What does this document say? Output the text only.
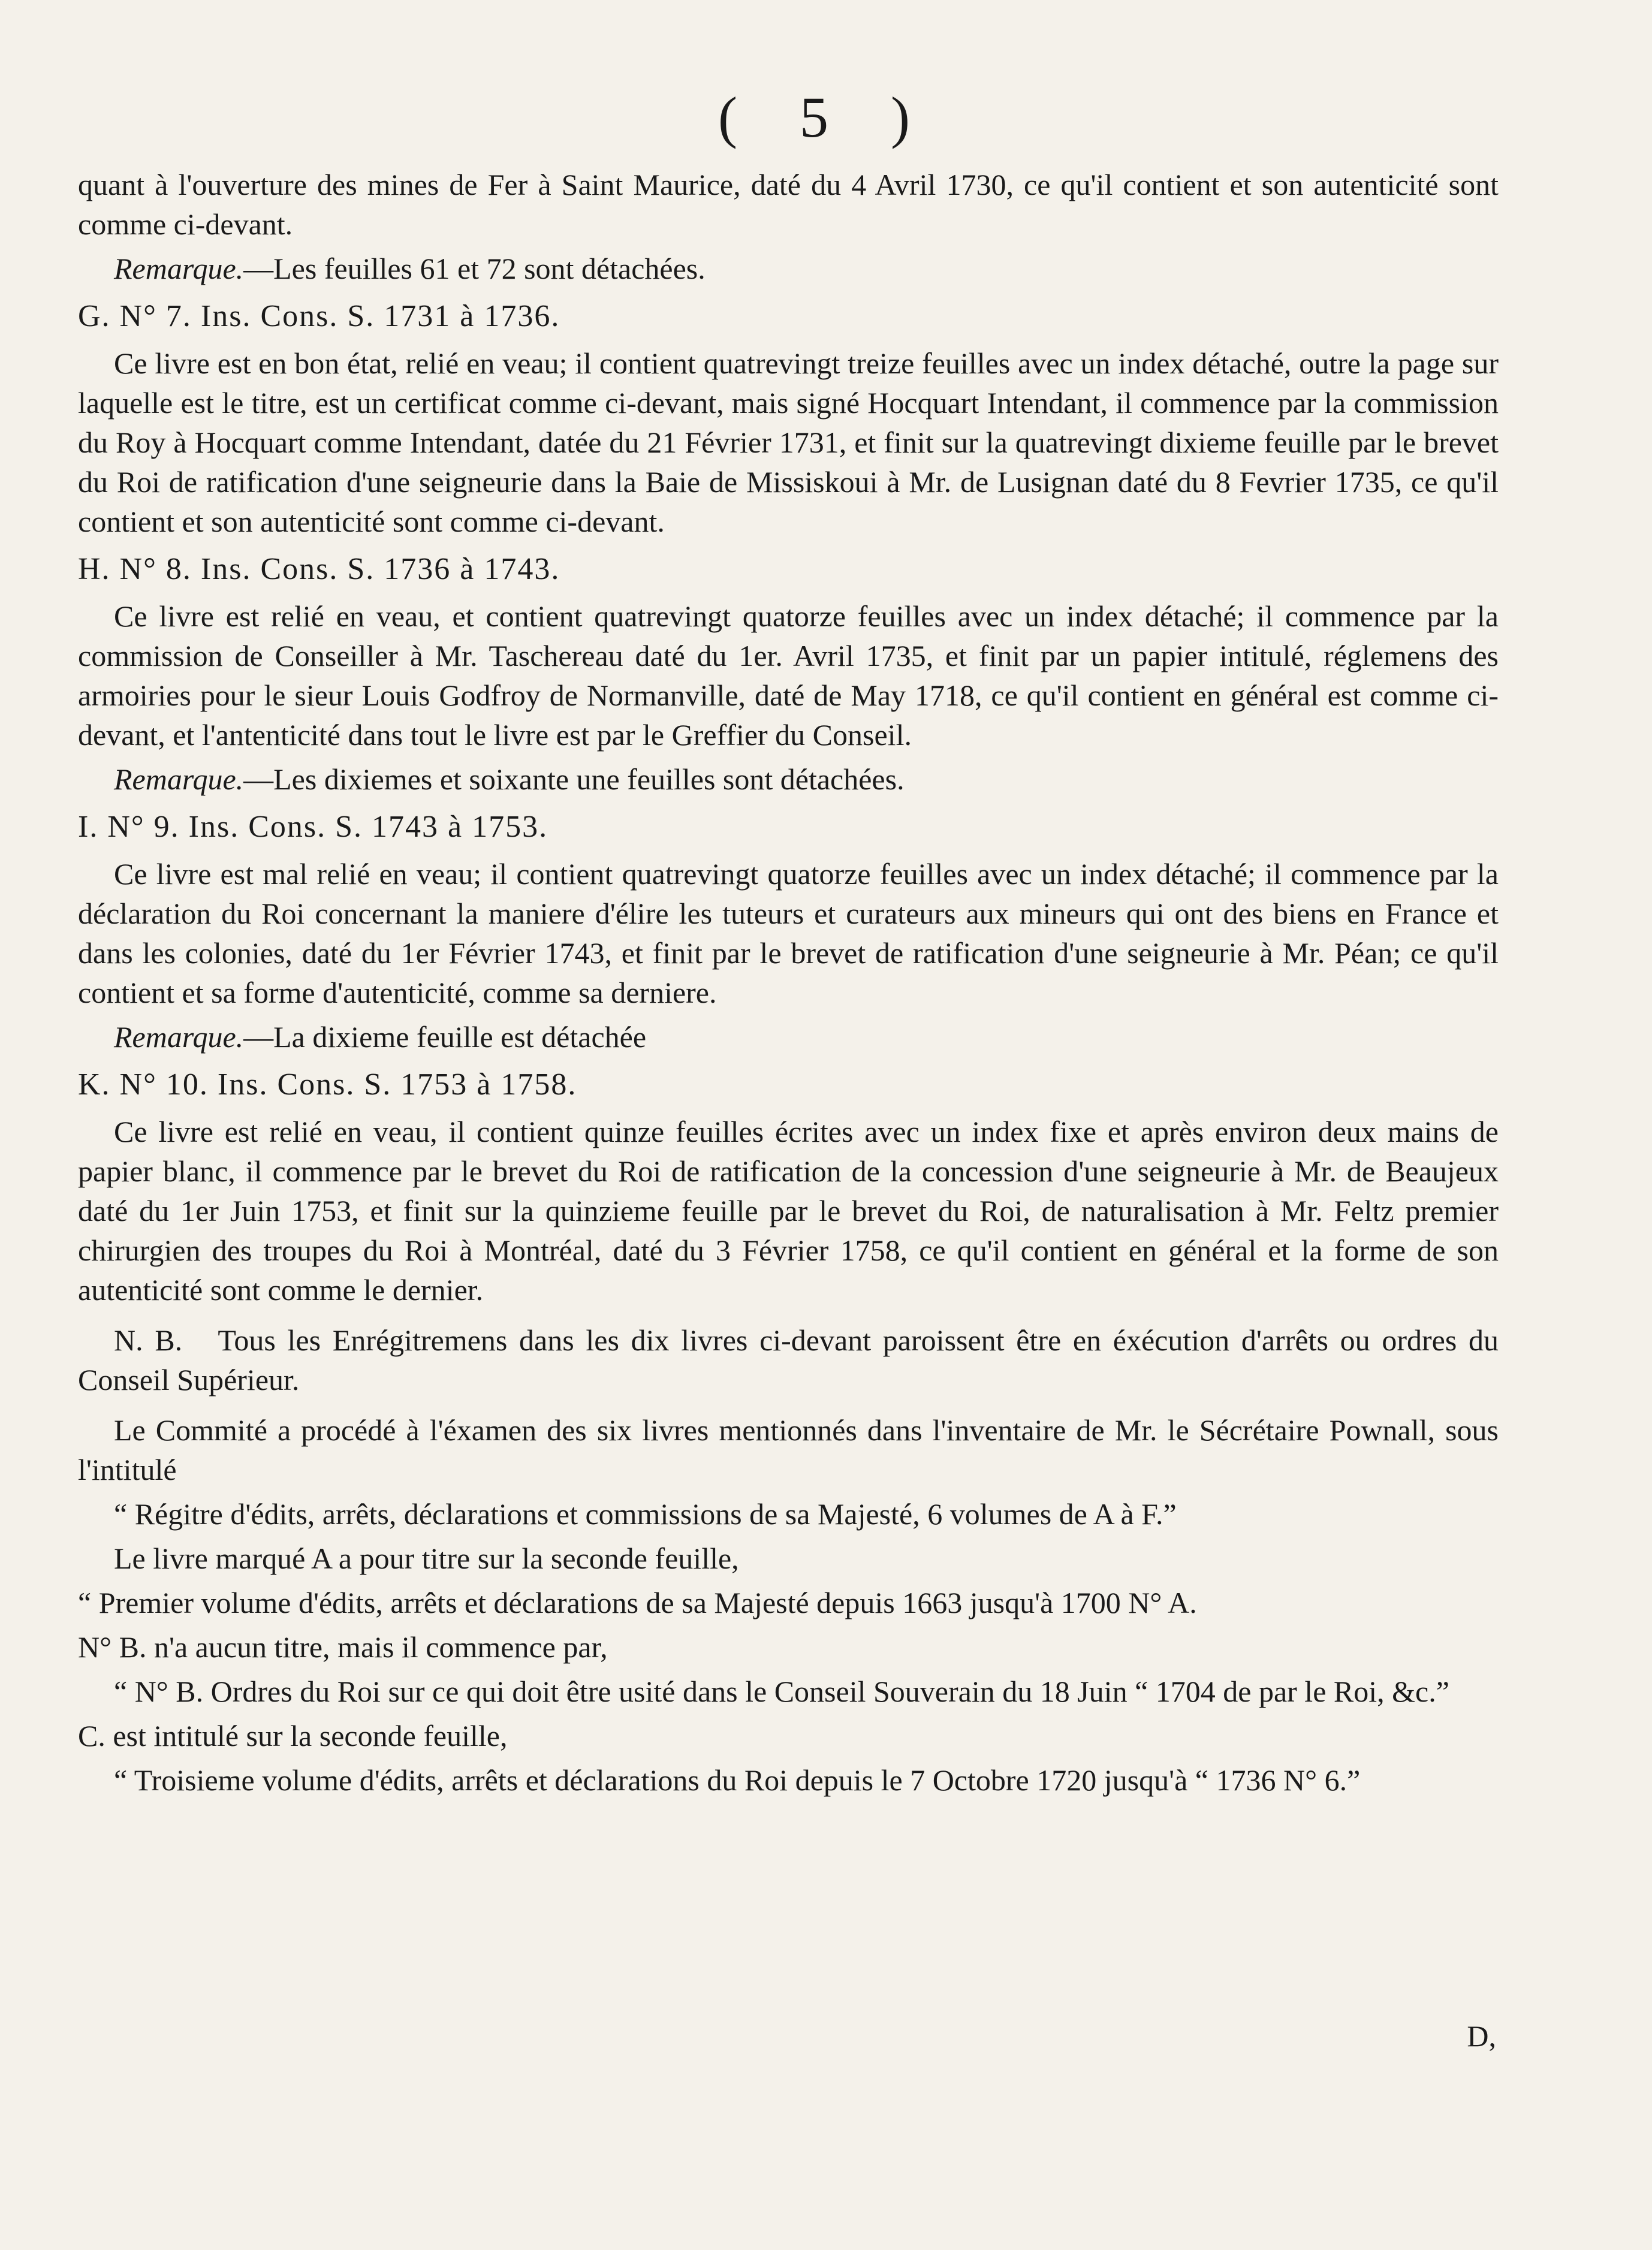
( 5 )

quant à l'ouverture des mines de Fer à Saint Maurice, daté du 4 Avril 1730, ce qu'il contient et son autenticité sont comme ci-devant.

Remarque.—Les feuilles 61 et 72 sont détachées.

G. N° 7. Ins. Cons. S. 1731 à 1736.

Ce livre est en bon état, relié en veau; il contient quatrevingt treize feuilles avec un index détaché, outre la page sur laquelle est le titre, est un certificat comme ci-devant, mais signé Hocquart Intendant, il commence par la commission du Roy à Hocquart comme Intendant, datée du 21 Février 1731, et finit sur la quatrevingt dixieme feuille par le brevet du Roi de ratification d'une seigneurie dans la Baie de Missiskoui à Mr. de Lusignan daté du 8 Fevrier 1735, ce qu'il contient et son autenticité sont comme ci-devant.

H. N° 8. Ins. Cons. S. 1736 à 1743.

Ce livre est relié en veau, et contient quatrevingt quatorze feuilles avec un index détaché; il commence par la commission de Conseiller à Mr. Taschereau daté du 1er. Avril 1735, et finit par un papier intitulé, réglemens des armoiries pour le sieur Louis Godfroy de Normanville, daté de May 1718, ce qu'il contient en général est comme ci-devant, et l'antenticité dans tout le livre est par le Greffier du Conseil.

Remarque.—Les dixiemes et soixante une feuilles sont détachées.

I. N° 9. Ins. Cons. S. 1743 à 1753.

Ce livre est mal relié en veau; il contient quatrevingt quatorze feuilles avec un index détaché; il commence par la déclaration du Roi concernant la maniere d'élire les tuteurs et curateurs aux mineurs qui ont des biens en France et dans les colonies, daté du 1er Février 1743, et finit par le brevet de ratification d'une seigneurie à Mr. Péan; ce qu'il contient et sa forme d'autenticité, comme sa derniere.

Remarque.—La dixieme feuille est détachée

K. N° 10. Ins. Cons. S. 1753 à 1758.

Ce livre est relié en veau, il contient quinze feuilles écrites avec un index fixe et après environ deux mains de papier blanc, il commence par le brevet du Roi de ratification de la concession d'une seigneurie à Mr. de Beaujeux daté du 1er Juin 1753, et finit sur la quinzieme feuille par le brevet du Roi, de naturalisation à Mr. Feltz premier chirurgien des troupes du Roi à Montréal, daté du 3 Février 1758, ce qu'il contient en général et la forme de son autenticité sont comme le dernier.

N. B. Tous les Enrégitremens dans les dix livres ci-devant paroissent être en éxécution d'arrêts ou ordres du Conseil Supérieur.

Le Commité a procédé à l'éxamen des six livres mentionnés dans l'inventaire de Mr. le Sécrétaire Pownall, sous l'intitulé

“ Régitre d'édits, arrêts, déclarations et commissions de sa Majesté, 6 volumes de A à F.”

Le livre marqué A a pour titre sur la seconde feuille,

“ Premier volume d'édits, arrêts et déclarations de sa Majesté depuis 1663 jusqu'à 1700 N° A.

N° B. n'a aucun titre, mais il commence par,

“ N° B. Ordres du Roi sur ce qui doit être usité dans le Conseil Souverain du 18 Juin “ 1704 de par le Roi, &c.”

C. est intitulé sur la seconde feuille,

“ Troisieme volume d'édits, arrêts et déclarations du Roi depuis le 7 Octobre 1720 jusqu'à “ 1736 N° 6.”

D,
